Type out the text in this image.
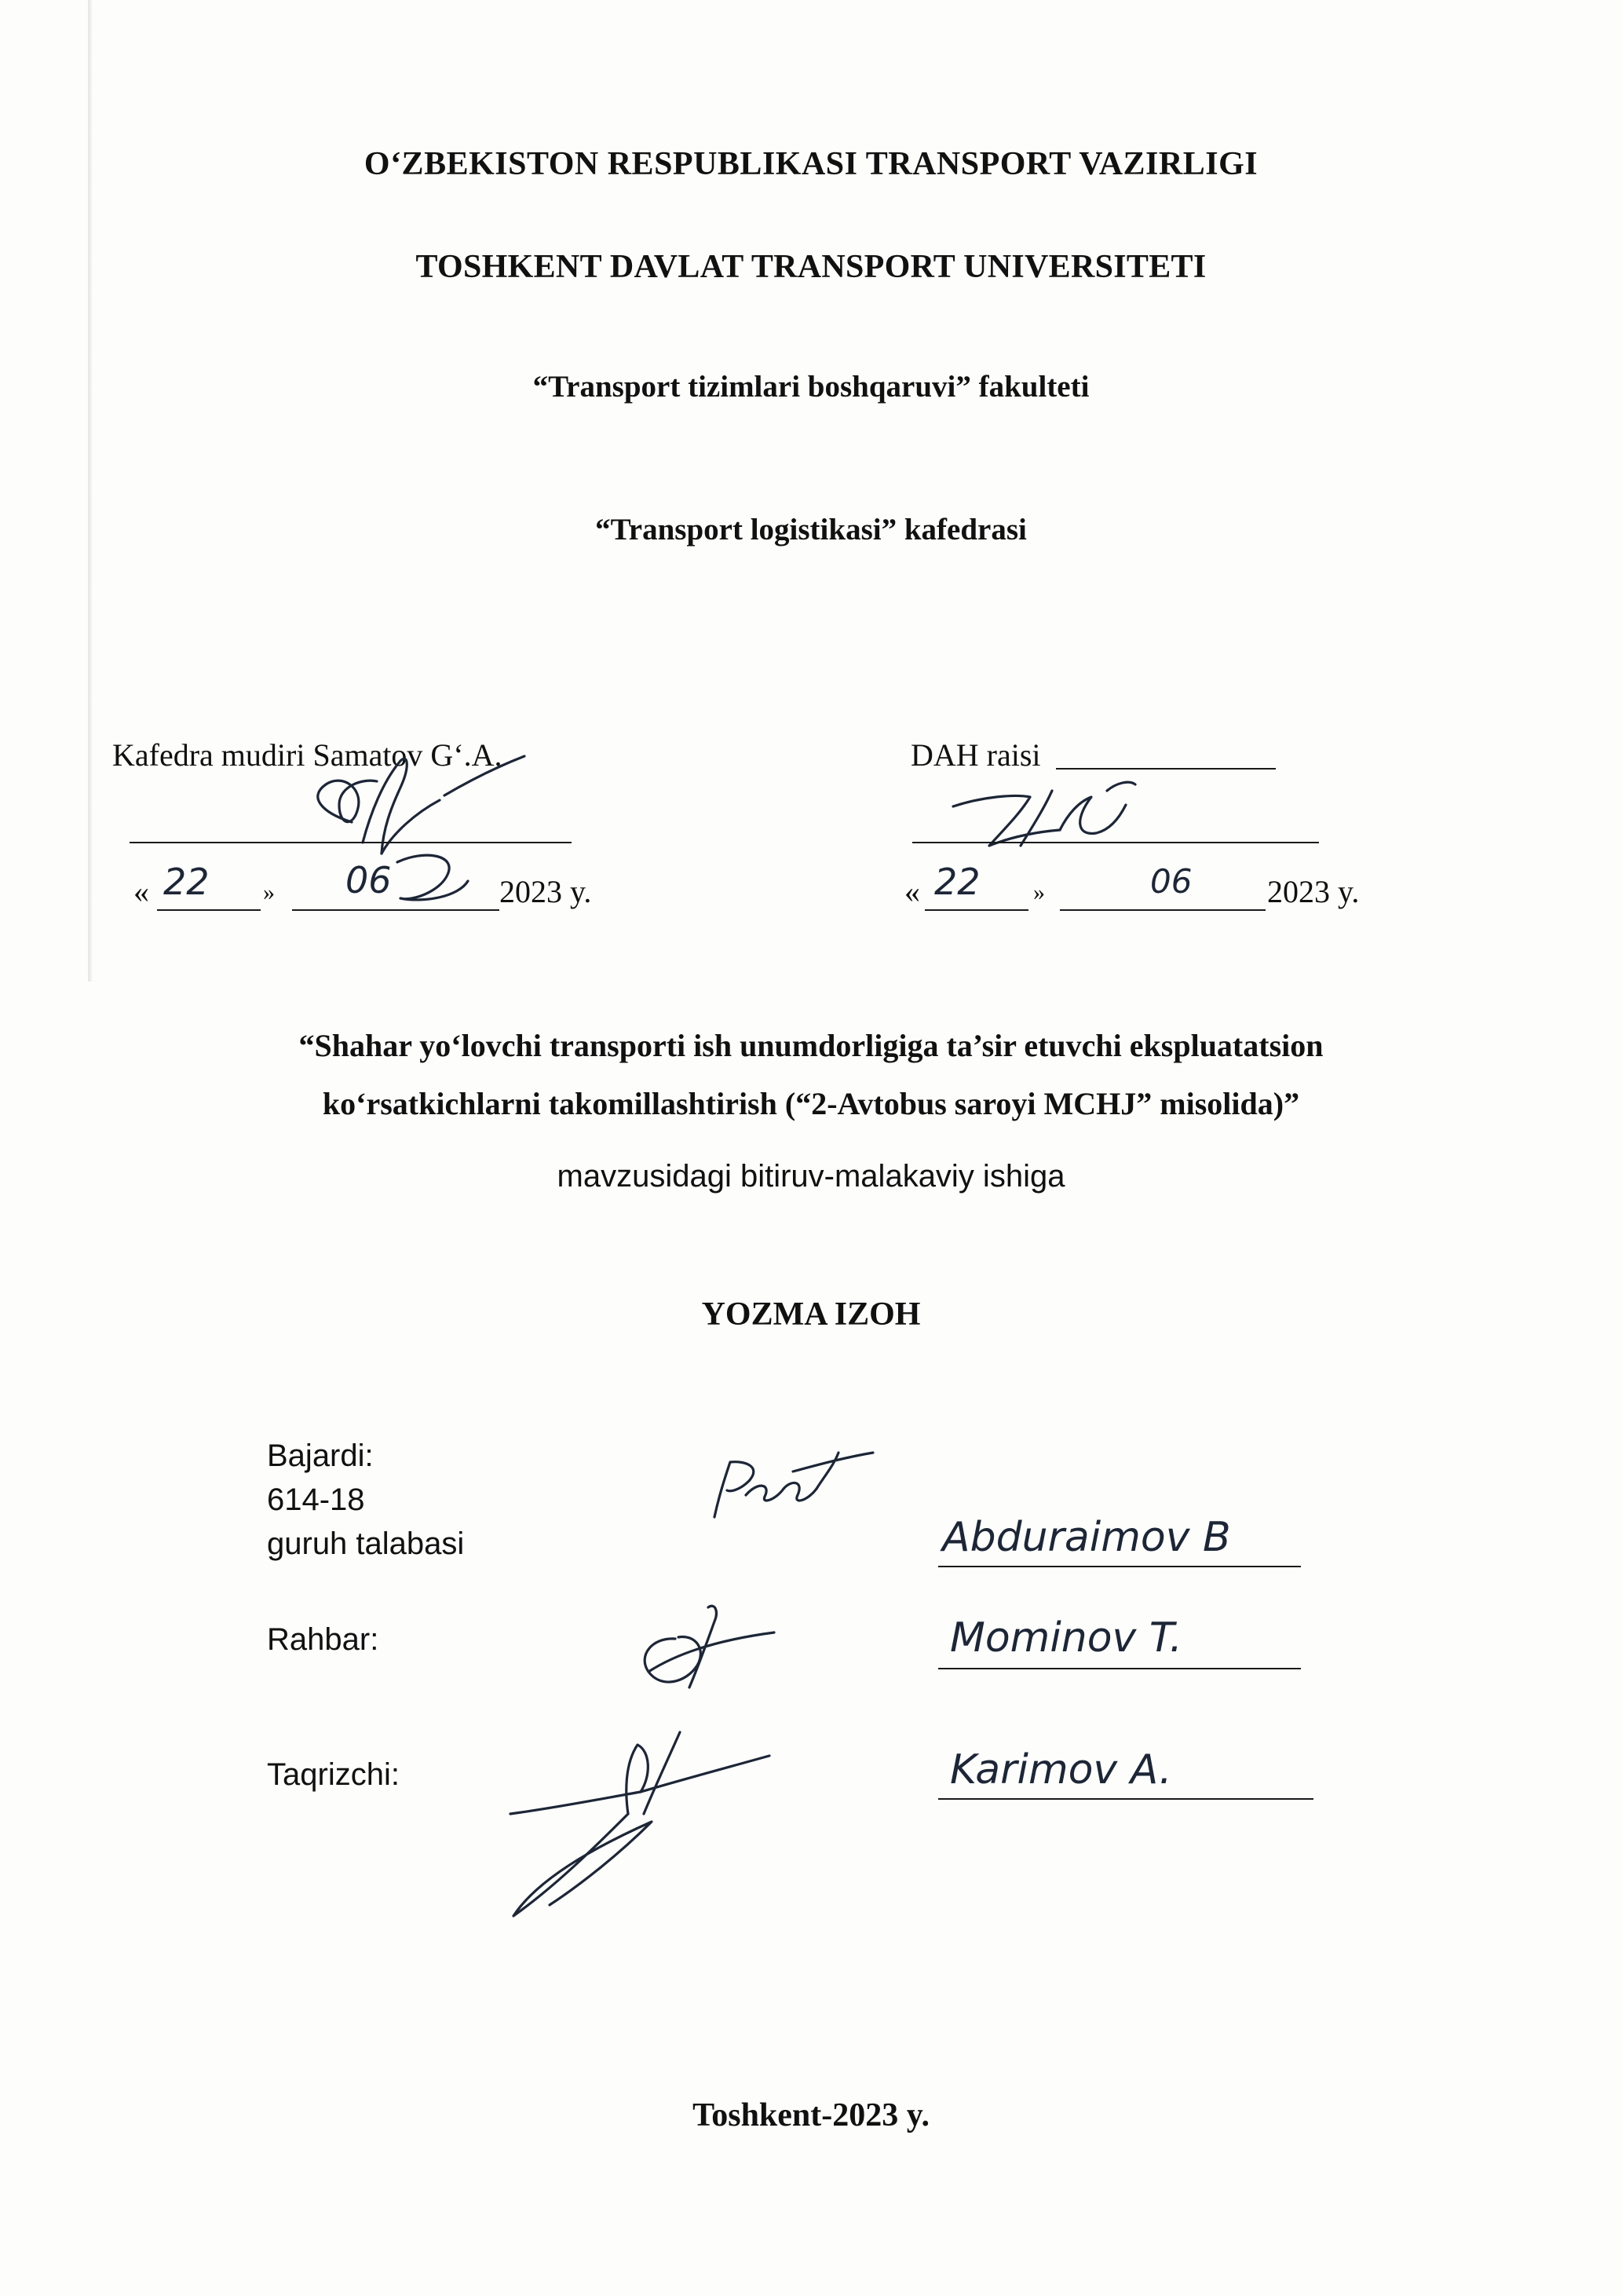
O‘ZBEKISTON RESPUBLIKASI TRANSPORT VAZIRLIGI
TOSHKENT DAVLAT TRANSPORT UNIVERSITETI
“Transport tizimlari boshqaruvi” fakulteti
“Transport logistikasi” kafedrasi
Kafedra mudiri Samatov G‘.A.
« 22 » 06	2023 y.
DAH raisi
« 22 »	06 2023 y.
“Shahar yo‘lovchi transporti ish unumdorligiga ta’sir etuvchi ekspluatatsion
ko‘rsatkichlarni takomillashtirish (“2-Avtobus saroyi MCHJ” misolida)”
mavzusidagi bitiruv-malakaviy ishiga
YOZMA IZOH
Bajardi:
614-18
guruh talabasi	Abduraimov B
Rahbar:	Mominov T.
Taqrizchi:	Karimov A.
Toshkent-2023 y.
